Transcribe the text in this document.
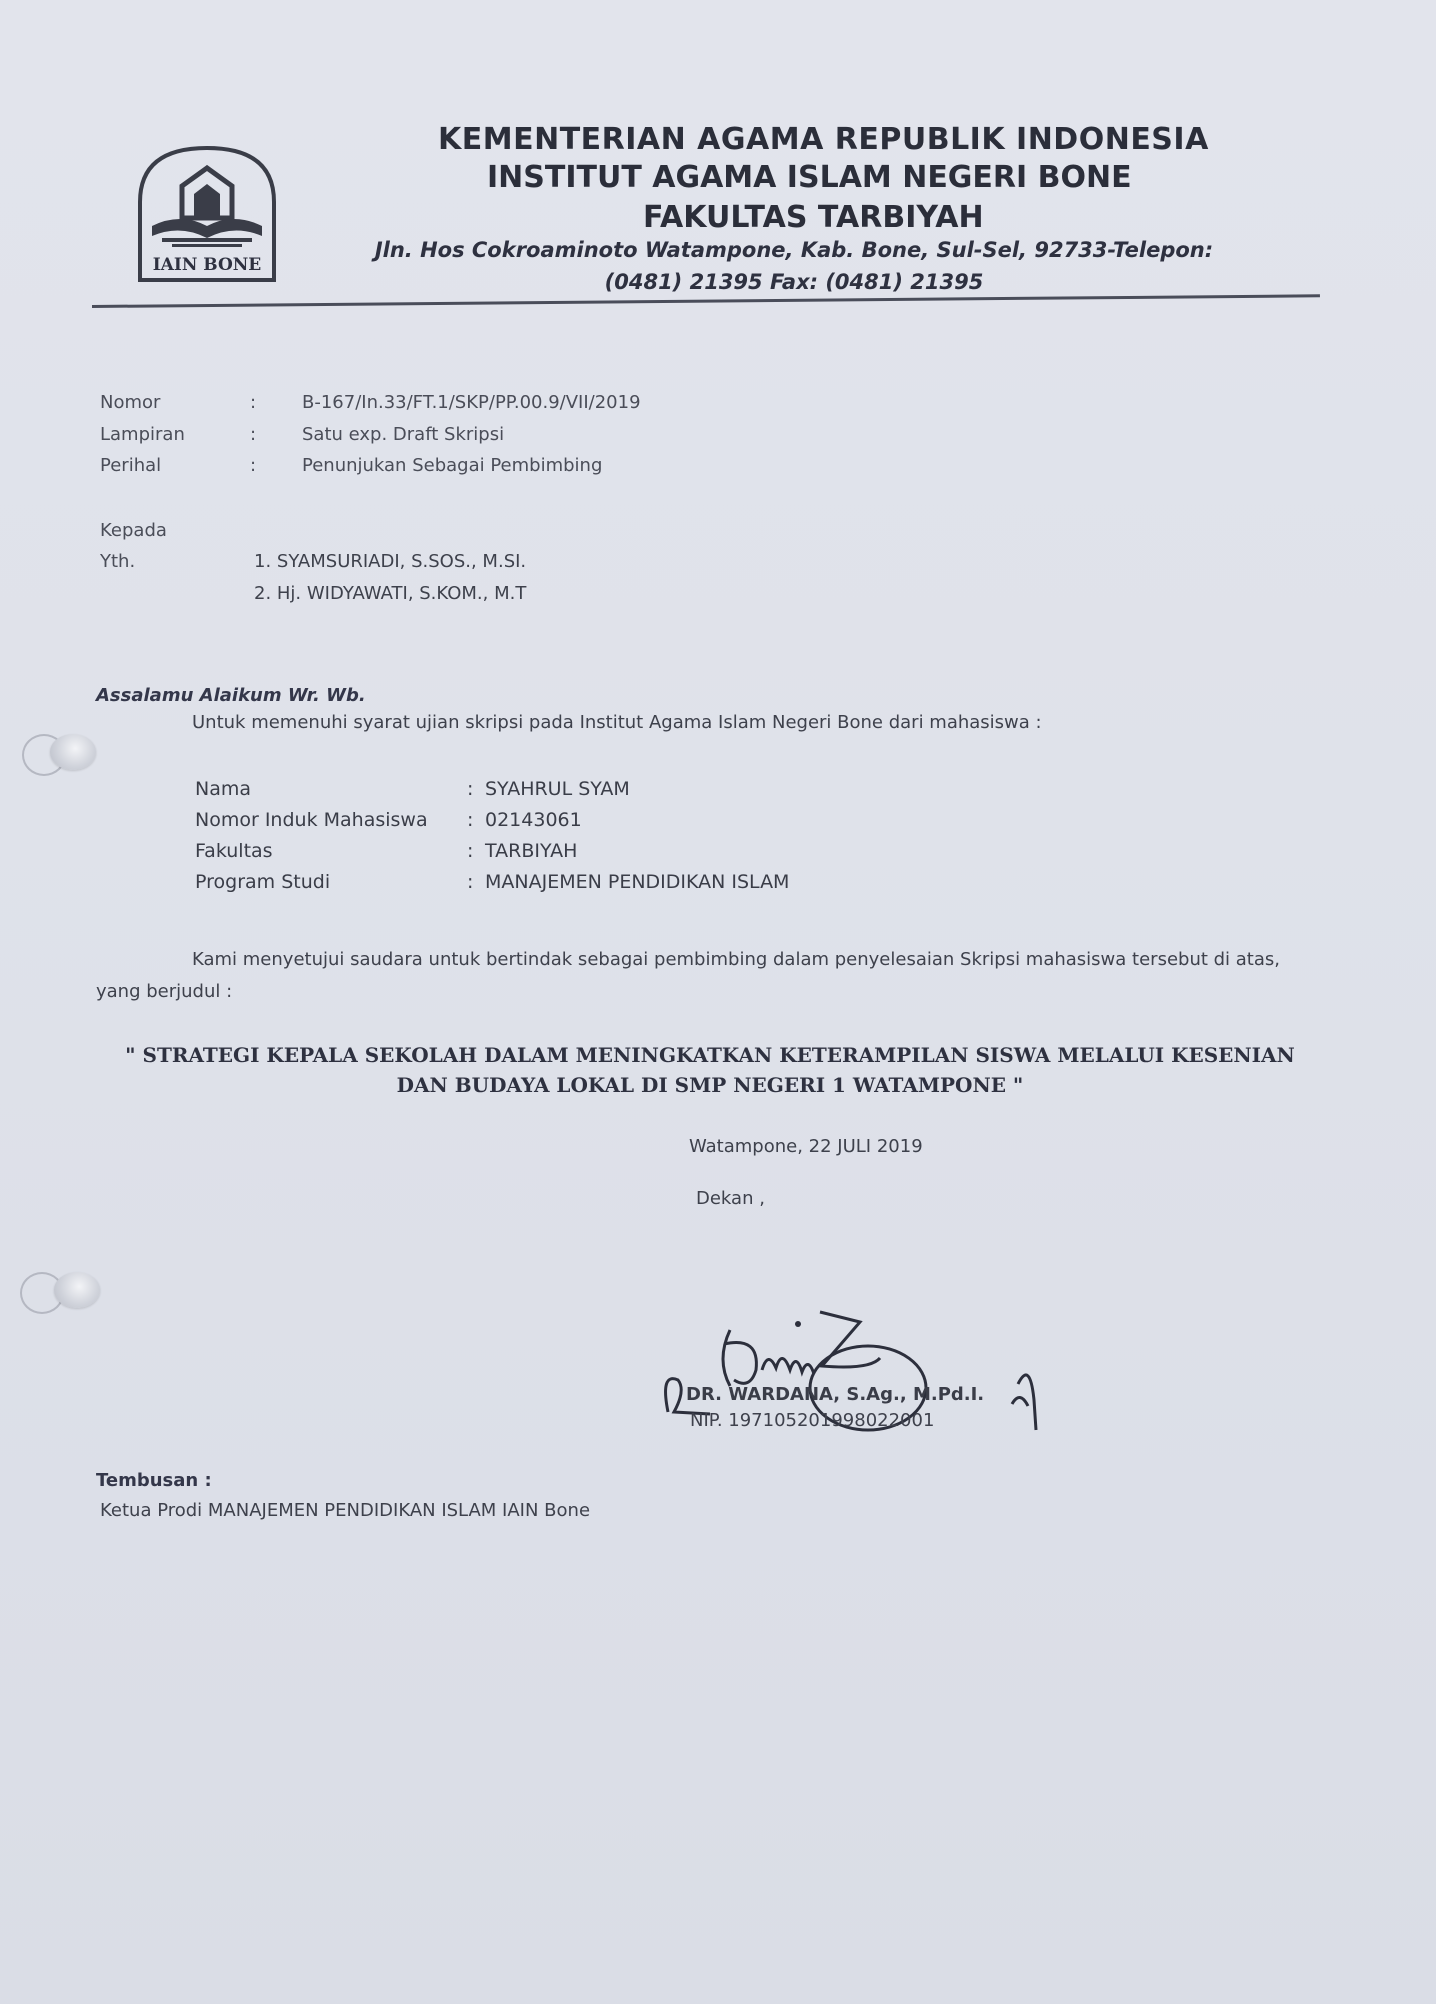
IAIN BONE
KEMENTERIAN AGAMA REPUBLIK INDONESIA
INSTITUT AGAMA ISLAM NEGERI BONE
FAKULTAS TARBIYAH
Jln. Hos Cokroaminoto Watampone, Kab. Bone, Sul-Sel, 92733-Telepon: (0481) 21395 Fax: (0481) 21395
Nomor	:	B-167/In.33/FT.1/SKP/PP.00.9/VII/2019
Lampiran	:	Satu exp. Draft Skripsi
Perihal	:	Penunjukan Sebagai Pembimbing
Kepada
Yth.	1. SYAMSURIADI, S.SOS., M.SI.
2. Hj. WIDYAWATI, S.KOM., M.T
Assalamu Alaikum Wr. Wb.
Untuk memenuhi syarat ujian skripsi pada Institut Agama Islam Negeri Bone dari mahasiswa :
Nama	: SYAHRUL SYAM
Nomor Induk Mahasiswa : 02143061
Fakultas	: TARBIYAH
Program Studi	: MANAJEMEN PENDIDIKAN ISLAM
Kami menyetujui saudara untuk bertindak sebagai pembimbing dalam penyelesaian Skripsi mahasiswa tersebut di atas, yang berjudul :
" STRATEGI KEPALA SEKOLAH DALAM MENINGKATKAN KETERAMPILAN SISWA MELALUI KESENIAN DAN BUDAYA LOKAL DI SMP NEGERI 1 WATAMPONE "
Watampone, 22 JULI 2019
Dekan ,
DR. WARDANA, S.Ag., M.Pd.I.
NIP. 197105201998022001
Tembusan :
Ketua Prodi MANAJEMEN PENDIDIKAN ISLAM IAIN Bone
